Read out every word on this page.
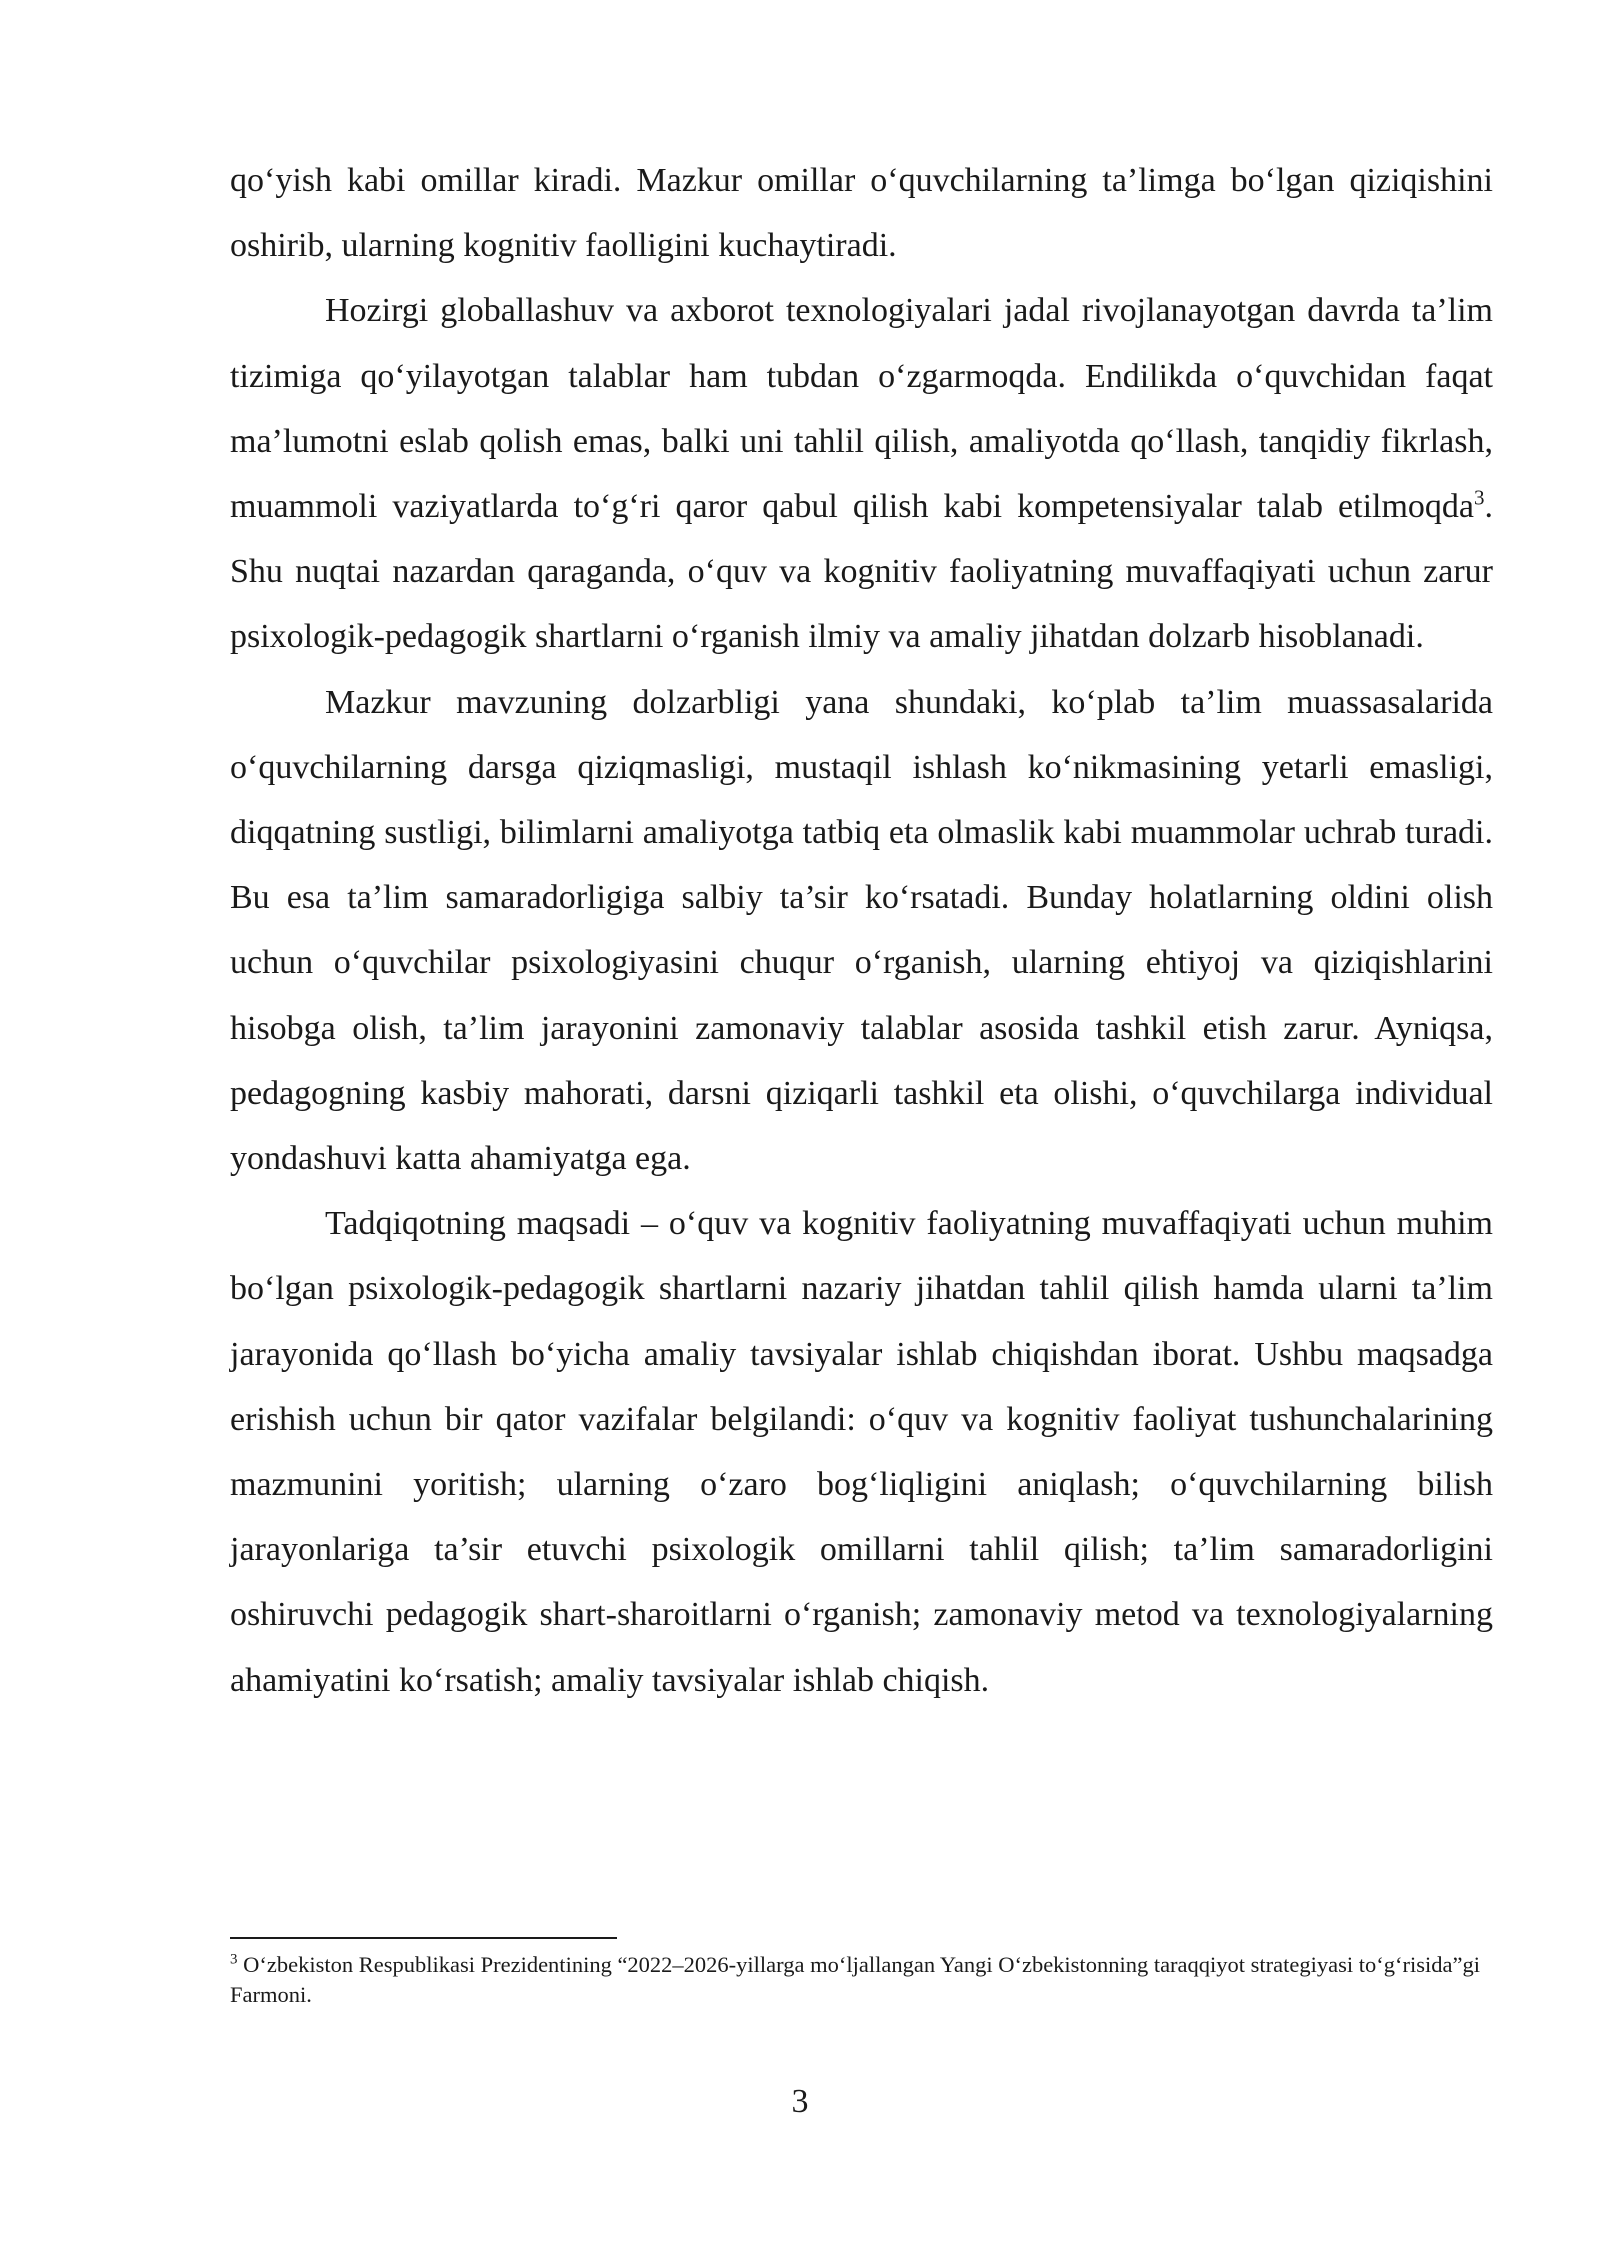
qo‘yish kabi omillar kiradi. Mazkur omillar o‘quvchilarning ta’limga bo‘lgan qiziqishini oshirib, ularning kognitiv faolligini kuchaytiradi.

Hozirgi globallashuv va axborot texnologiyalari jadal rivojlanayotgan davrda ta’lim tizimiga qo‘yilayotgan talablar ham tubdan o‘zgarmoqda. Endilikda o‘quvchidan faqat ma’lumotni eslab qolish emas, balki uni tahlil qilish, amaliyotda qo‘llash, tanqidiy fikrlash, muammoli vaziyatlarda to‘g‘ri qaror qabul qilish kabi kompetensiyalar talab etilmoqda$^3$. Shu nuqtai nazardan qaraganda, o‘quv va kognitiv faoliyatning muvaffaqiyati uchun zarur psixologik-pedagogik shartlarni o‘rganish ilmiy va amaliy jihatdan dolzarb hisoblanadi.

Mazkur mavzuning dolzarbligi yana shundaki, ko‘plab ta’lim muassasalarida o‘quvchilarning darsga qiziqmasligi, mustaqil ishlash ko‘nikmasining yetarli emasligi, diqqatning sustligi, bilimlarni amaliyotga tatbiq eta olmaslik kabi muammolar uchrab turadi. Bu esa ta’lim samaradorligiga salbiy ta’sir ko‘rsatadi. Bunday holatlarning oldini olish uchun o‘quvchilar psixologiyasini chuqur o‘rganish, ularning ehtiyoj va qiziqishlarini hisobga olish, ta’lim jarayonini zamonaviy talablar asosida tashkil etish zarur. Ayniqsa, pedagogning kasbiy mahorati, darsni qiziqarli tashkil eta olishi, o‘quvchilarga individual yondashuvi katta ahamiyatga ega.

Tadqiqotning maqsadi – o‘quv va kognitiv faoliyatning muvaffaqiyati uchun muhim bo‘lgan psixologik-pedagogik shartlarni nazariy jihatdan tahlil qilish hamda ularni ta’lim jarayonida qo‘llash bo‘yicha amaliy tavsiyalar ishlab chiqishdan iborat. Ushbu maqsadga erishish uchun bir qator vazifalar belgilandi: o‘quv va kognitiv faoliyat tushunchalarining mazmunini yoritish; ularning o‘zaro bog‘liqligini aniqlash; o‘quvchilarning bilish jarayonlariga ta’sir etuvchi psixologik omillarni tahlil qilish; ta’lim samaradorligini oshiruvchi pedagogik shart-sharoitlarni o‘rganish; zamonaviy metod va texnologiyalarning ahamiyatini ko‘rsatish; amaliy tavsiyalar ishlab chiqish.

$^3$ O‘zbekiston Respublikasi Prezidentining “2022–2026-yillarga mo‘ljallangan Yangi O‘zbekistonning taraqqiyot strategiyasi to‘g‘risida”gi Farmoni.
3
